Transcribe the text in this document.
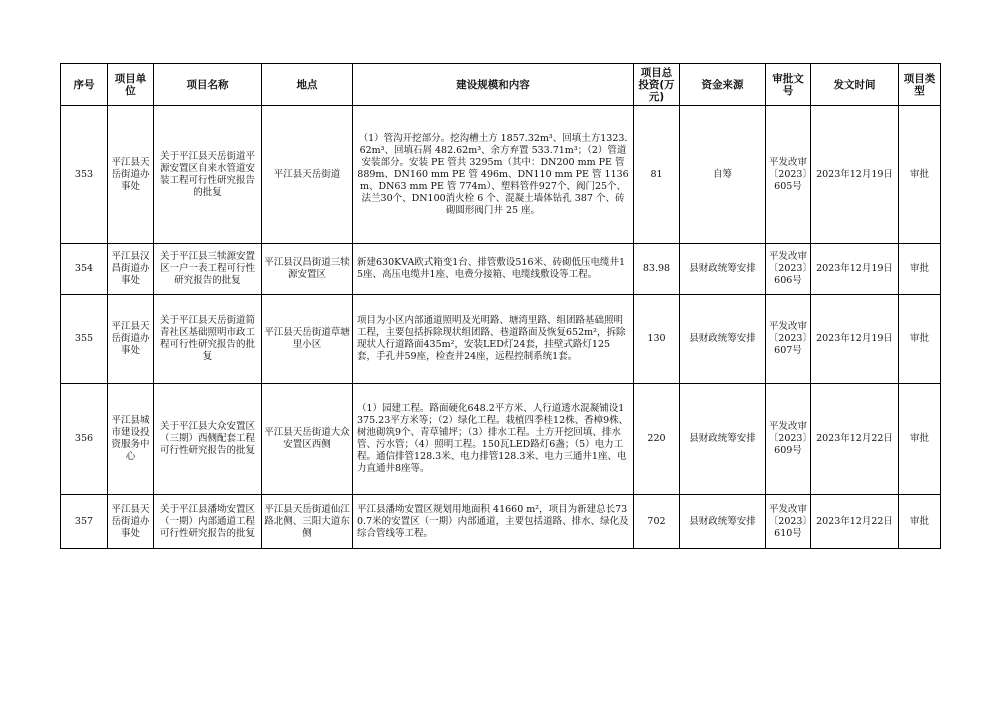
序号	项目单位	项目名称	地点	建设规模和内容	项目总投资(万元)	资金来源	审批文号	发文时间	项目类型
353	平江县天岳街道办事处	关于平江县天岳街道平源安置区自来水管道安装工程可行性研究报告的批复	平江县天岳街道	（1）管沟开挖部分。挖沟槽土方 1857.32m³、回填土方1323.62m³、回填石屑 482.62m³、余方弃置 533.71m³；（2）管道安装部分。安装 PE 管共 3295m（其中：DN200 mm PE 管 889m、DN160 mm PE 管 496m、DN110 mm PE 管 1136m、DN63 mm PE 管 774m）、塑料管件927个、阀门25个、法兰30个、DN100消火栓 6 个、混凝土墙体钻孔 387 个、砖砌圆形阀门井 25 座。	81	自筹	平发改审〔2023〕605号	2023年12月19日	审批
354	平江县汉昌街道办事处	关于平江县三犊源安置区一户一表工程可行性研究报告的批复	平江县汉昌街道三犊源安置区	新建630KVA欧式箱变1台、排管敷设516米、砖砌低压电缆井15座、高压电缆井1座、电费分接箱、电缆线敷设等工程。	83.98	县财政统筹安排	平发改审〔2023〕606号	2023年12月19日	审批
355	平江县天岳街道办事处	关于平江县天岳街道简青社区基础照明市政工程可行性研究报告的批复	平江县天岳街道草塘里小区	项目为小区内部通道照明及光明路、塘湾里路、组团路基础照明工程，主要包括拆除现状组团路、巷道路面及恢复652m²，拆除现状人行道路面435m²，安装LED灯24套，挂壁式路灯125套，手孔井59座，检查井24座，远程控制系统1套。	130	县财政统筹安排	平发改审〔2023〕607号	2023年12月19日	审批
356	平江县城市建设投资服务中心	关于平江县大众安置区（三期）西侧配套工程可行性研究报告的批复	平江县天岳街道大众安置区西侧	（1）园建工程。路面硬化648.2平方米、人行道透水混凝铺设1375.23平方米等；（2）绿化工程。栽植四季桂12株、香樟9株、树池砌筑9个、青草铺坪；（3）排水工程。土方开挖回填、排水管、污水管；（4）照明工程。150瓦LED路灯6盏；（5）电力工程。通信排管128.3米、电力排管128.3米、电力三通井1座、电力直通井8座等。	220	县财政统筹安排	平发改审〔2023〕609号	2023年12月22日	审批
357	平江县天岳街道办事处	关于平江县潘坳安置区（一期）内部通道工程可行性研究报告的批复	平江县天岳街道仙江路北侧、三阳大道东侧	平江县潘坳安置区规划用地面积 41660 m²，项目为新建总长730.7米的安置区（一期）内部通道，主要包括道路、排水、绿化及综合管线等工程。	702	县财政统筹安排	平发改审〔2023〕610号	2023年12月22日	审批
